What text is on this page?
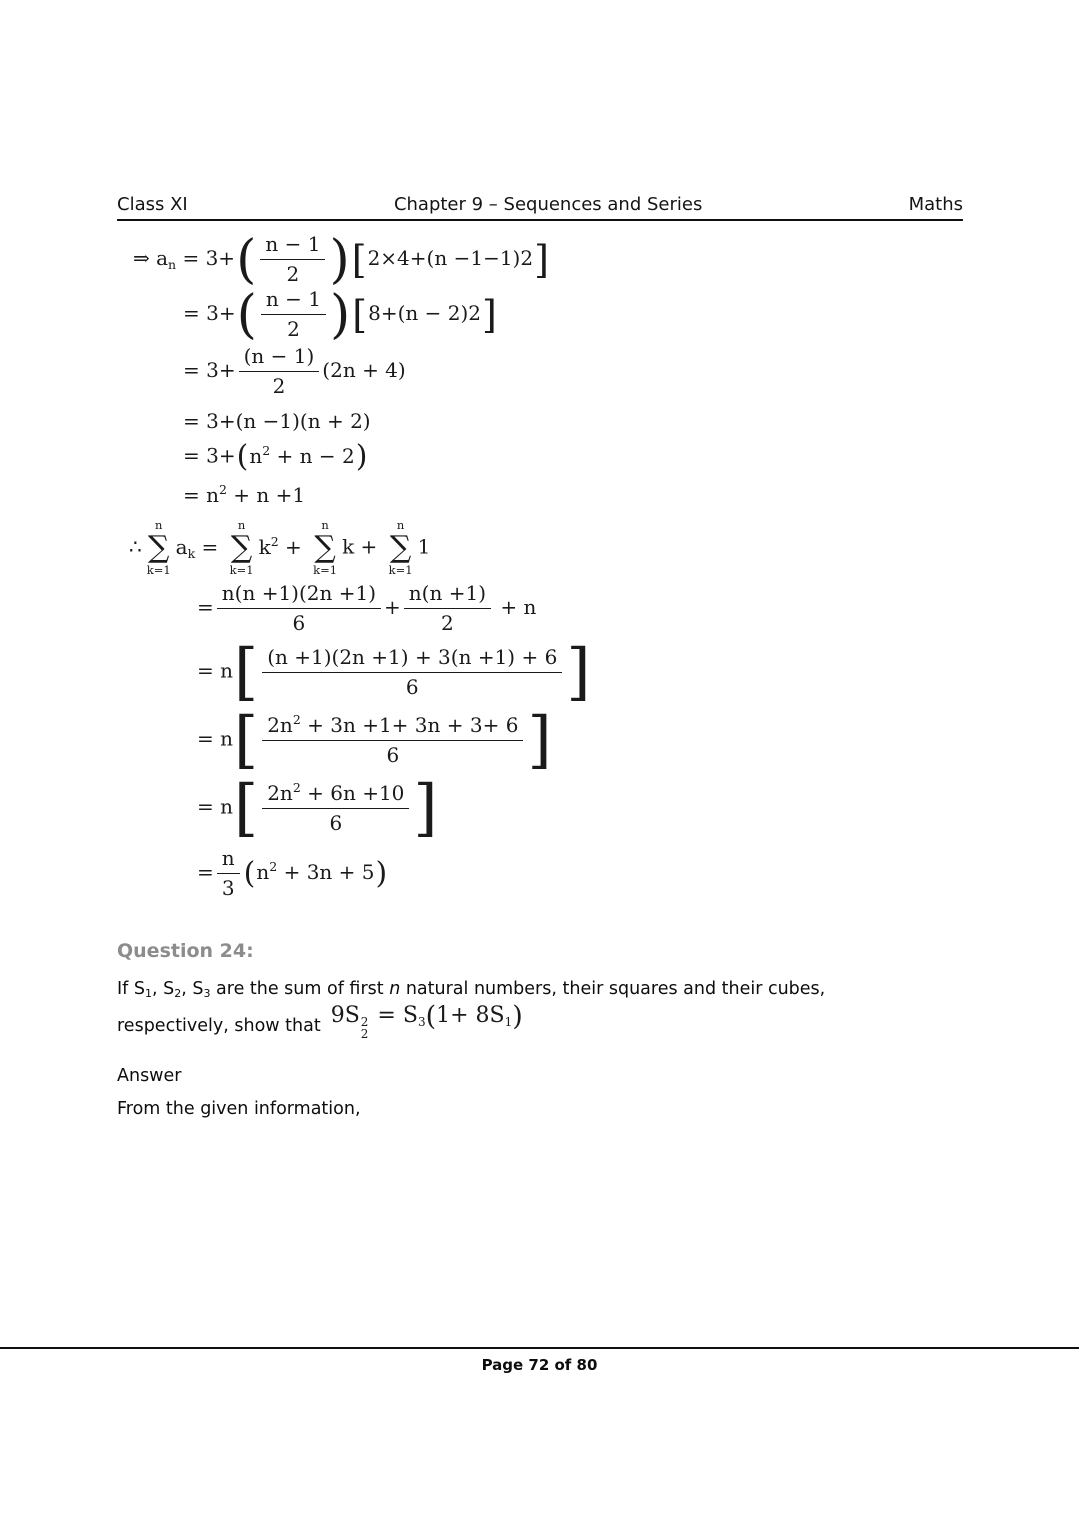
Class XI	Chapter 9 – Sequences and Series	Maths
⇒ $a_n = 3+( \frac{n - 1}{2} )[2\times 4+(n -1-1)2]$
= $3+( \frac{n - 1}{2} )[8+(n - 2)2]$
= $3+ \frac{(n - 1)}{2} (2n + 4)$
= 3+(n −1)(n + 2)
= $3+(n^2 + n - 2)$
= $n^2 + n +1$
∴
n
∑
k=1
$a_k$ =
n
∑
k=1
$k^2$ +
n
∑
k=1
k +
n
∑
k=1
1
= $\frac{n(n +1)(2n +1)}{6} + \frac{n(n +1)}{2} + n$
= $n[ \frac{(n +1)(2n +1) + 3(n +1) + 6}{6}$ ]
= $n[ \frac{2n^2 + 3n +1+ 3n + 3+ 6}{6}$ ]
= $n[ \frac{2n^2 + 6n +10}{6}$ ]
= $\frac{n}{3} (n^2 + 3n + 5)$
Question 24:
If S1, S2, S3 are the sum of first n natural numbers, their squares and their cubes,
respectively, show that 9S 2
2
= S3(1+ 8S1)
Answer
From the given information,
Page 72 of 80
